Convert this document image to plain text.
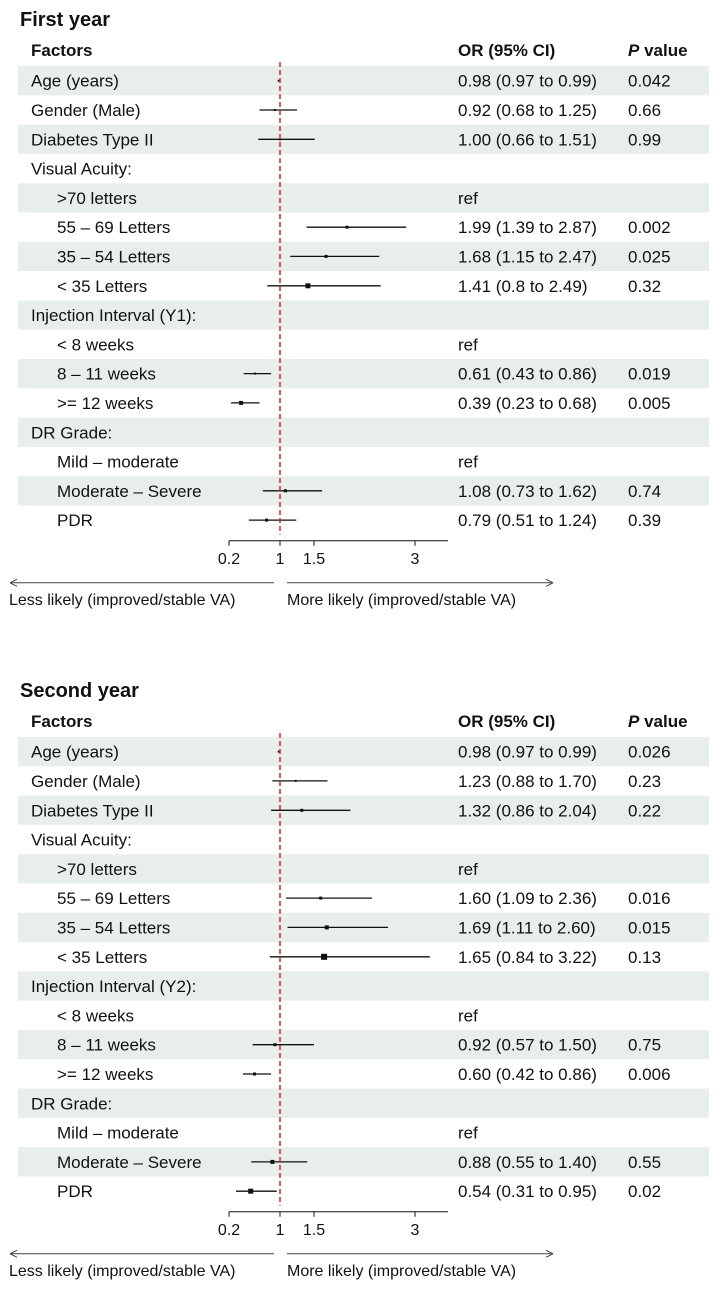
First year
Factors	OR (95% CI)	P value
Age (years)	0.98 (0.97 to 0.99) 0.042
Gender (Male)	0.92 (0.68 to 1.25) 0.66
Diabetes Type II	1.00 (0.66 to 1.51) 0.99
Visual Acuity:
>70 letters	ref
55 – 69 Letters	1.99 (1.39 to 2.87) 0.002
35 – 54 Letters	1.68 (1.15 to 2.47) 0.025
< 35 Letters	1.41 (0.8 to 2.49) 0.32
Injection Interval (Y1):
< 8 weeks	ref
8 – 11 weeks	0.61 (0.43 to 0.86) 0.019
>= 12 weeks	0.39 (0.23 to 0.68) 0.005
DR Grade:
Mild – moderate	ref
Moderate – Severe	1.08 (0.73 to 1.62) 0.74
PDR	0.79 (0.51 to 1.24) 0.39
0.2 1 1.5	3
Less likely (improved/stable VA)	More likely (improved/stable VA)
Second year
Factors	OR (95% CI)	P value
Age (years)	0.98 (0.97 to 0.99) 0.026
Gender (Male)	1.23 (0.88 to 1.70) 0.23
Diabetes Type II	1.32 (0.86 to 2.04) 0.22
Visual Acuity:
>70 letters	ref
55 – 69 Letters	1.60 (1.09 to 2.36) 0.016
35 – 54 Letters	1.69 (1.11 to 2.60) 0.015
< 35 Letters	1.65 (0.84 to 3.22) 0.13
Injection Interval (Y2):
< 8 weeks	ref
8 – 11 weeks	0.92 (0.57 to 1.50) 0.75
>= 12 weeks	0.60 (0.42 to 0.86) 0.006
DR Grade:
Mild – moderate	ref
Moderate – Severe	0.88 (0.55 to 1.40) 0.55
PDR	0.54 (0.31 to 0.95) 0.02
0.2 1 1.5	3
Less likely (improved/stable VA)	More likely (improved/stable VA)
